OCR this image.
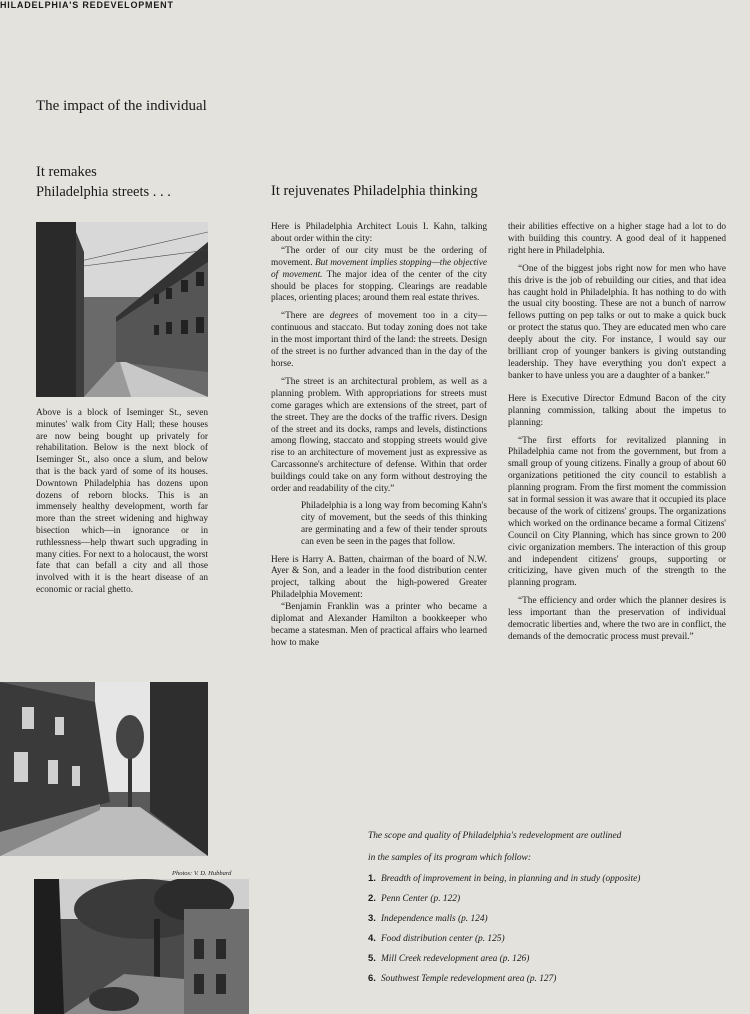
HILADELPHIA'S REDEVELOPMENT
The impact of the individual
It remakes
Philadelphia streets . . .	It rejuvenates Philadelphia thinking
Above is a block of Iseminger St., seven minutes' walk from City Hall; these houses are now being bought up privately for rehabilitation. Below is the next block of Iseminger St., also once a slum, and below that is the back yard of some of its houses. Downtown Philadelphia has dozens upon dozens of reborn blocks. This is an immensely healthy development, worth far more than the street widening and highway bisection which—in ignorance or in ruthlessness—help thwart such upgrading in many cities. For next to a holocaust, the worst fate that can befall a city and all those involved with it is the heart disease of an economic or racial ghetto.
Photos: V. D. Hubbard

Here is Philadelphia Architect Louis I. Kahn, talking about order within the city:

“The order of our city must be the ordering of movement. But movement implies stopping—the objective of movement. The major idea of the center of the city should be places for stopping. Clearings are readable places, orienting places; around them real estate thrives.

“There are degrees of movement too in a city—continuous and staccato. But today zoning does not take in the most important third of the land: the streets. Design of the street is no further advanced than in the day of the horse.

“The street is an architectural problem, as well as a planning problem. With appropriations for streets must come garages which are extensions of the street, part of the street. They are the docks of the traffic rivers. Design of the street and its docks, ramps and levels, distinctions among flowing, staccato and stopping streets would give rise to an architecture of movement just as expressive as Carcassonne's architecture of defense. Within that order buildings could take on any form without destroying the order and readability of the city.”

Philadelphia is a long way from becoming Kahn's city of movement, but the seeds of this thinking are germinating and a few of their tender sprouts can even be seen in the pages that follow.

Here is Harry A. Batten, chairman of the board of N.W. Ayer & Son, and a leader in the food distribution center project, talking about the high-powered Greater Philadelphia Movement:

“Benjamin Franklin was a printer who became a diplomat and Alexander Hamilton a bookkeeper who became a statesman. Men of practical affairs who learned how to make

their abilities effective on a higher stage had a lot to do with building this country. A good deal of it happened right here in Philadelphia.

“One of the biggest jobs right now for men who have this drive is the job of rebuilding our cities, and that idea has caught hold in Philadelphia. It has nothing to do with the usual city boosting. These are not a bunch of narrow fellows putting on pep talks or out to make a quick buck or protect the status quo. They are educated men who care deeply about the city. For instance, I would say our brilliant crop of younger bankers is giving outstanding leadership. They have everything you don't expect a banker to have unless you are a daughter of a banker.”

Here is Executive Director Edmund Bacon of the city planning commission, talking about the impetus to planning:

“The first efforts for revitalized planning in Philadelphia came not from the government, but from a small group of young citizens. Finally a group of about 60 organizations petitioned the city council to establish a planning program. From the first moment the commission sat in formal session it was aware that it occupied its place because of the work of citizens' groups. The organizations which worked on the ordinance became a formal Citizens' Council on City Planning, which has since grown to 200 civic organization members. The interaction of this group and independent citizens' groups, supporting or criticizing, have given much of the strength to the planning program.

“The efficiency and order which the planner desires is less important than the preservation of individual democratic liberties and, where the two are in conflict, the demands of the democratic process must prevail.”

The scope and quality of Philadelphia's redevelopment are outlined

in the samples of its program which follow:

1. Breadth of improvement in being, in planning and in study (opposite)
2. Penn Center (p. 122)
3. Independence malls (p. 124)
4. Food distribution center (p. 125)
5. Mill Creek redevelopment area (p. 126)
6. Southwest Temple redevelopment area (p. 127)
